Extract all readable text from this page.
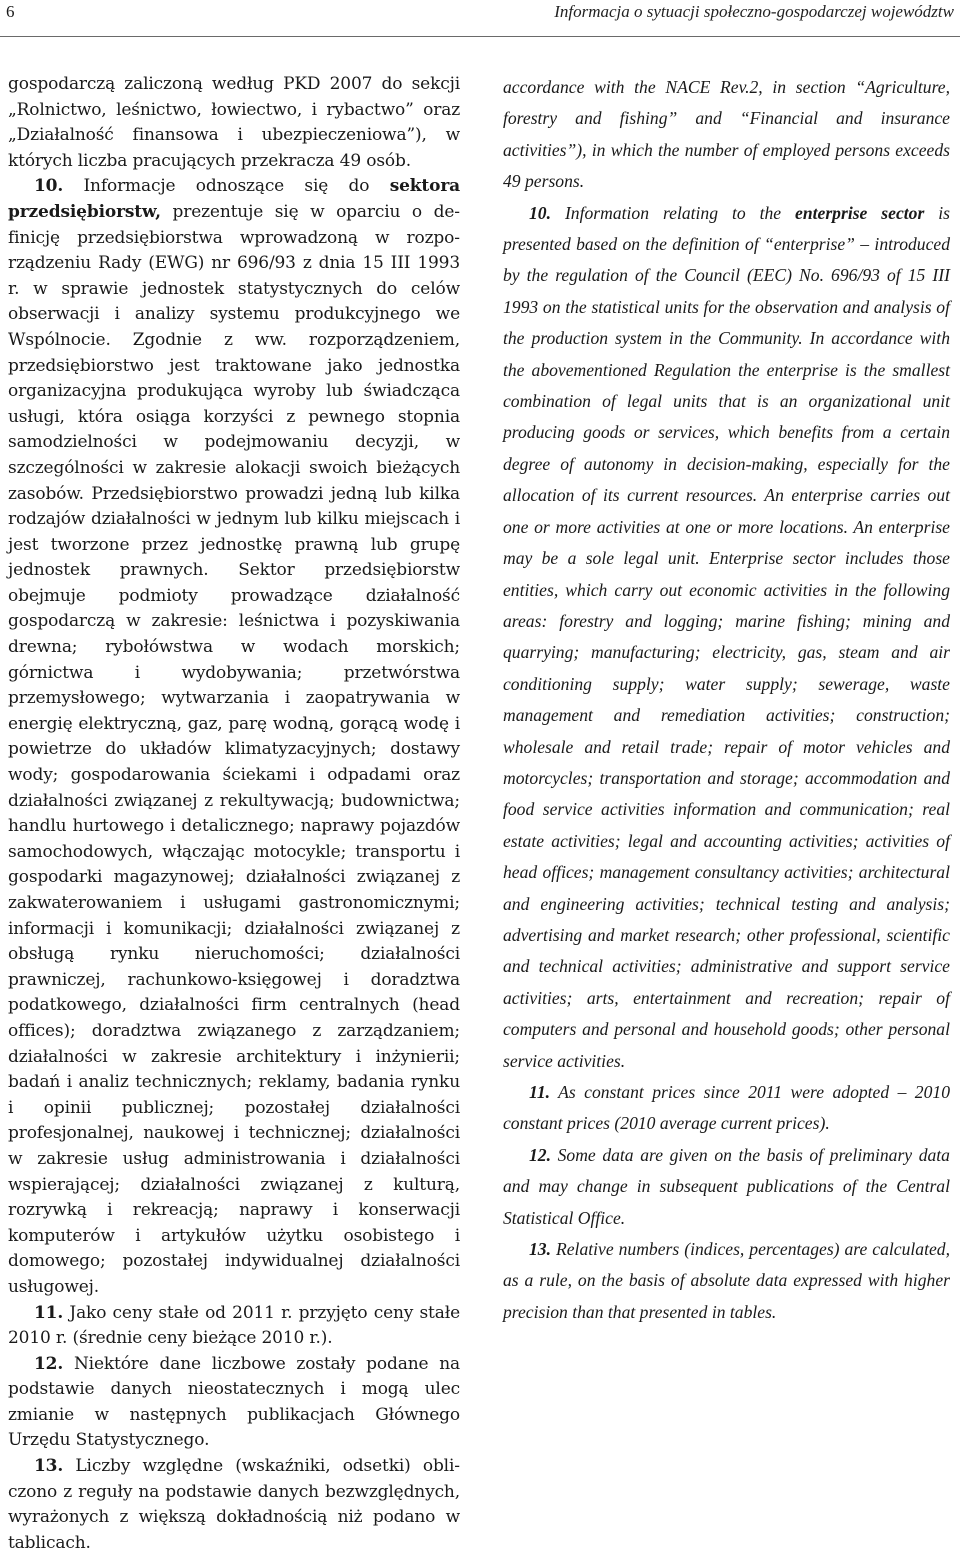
6	Informacja o sytuacji społeczno-gospodarczej województw

gospodarczą zaliczoną według PKD 2007 do sekcji „Rolnictwo, leśnictwo, łowiectwo, i rybactwo” oraz „Działalność finansowa i ubezpieczeniowa”), w których liczba pracujących przekracza 49 osób.

10. Informacje odnoszące się do sektora przedsiębiorstw, prezentuje się w oparciu o definicję przedsiębiorstwa wprowadzoną w rozporządzeniu Rady (EWG) nr 696/93 z dnia 15 III 1993 r. w sprawie jednostek statystycznych do celów obserwacji i analizy systemu produkcyjnego we Wspólnocie. Zgodnie z ww. rozporządzeniem, przedsiębiorstwo jest traktowane jako jednostka organizacyjna produkująca wyroby lub świadcząca usługi, która osiąga korzyści z pewnego stopnia samodzielności w podejmowaniu decyzji, w szczególności w zakresie alokacji swoich bieżących zasobów. Przedsiębiorstwo prowadzi jedną lub kilka rodzajów działalności w jednym lub kilku miejscach i jest tworzone przez jednostkę prawną lub grupę jednostek prawnych. Sektor przedsiębiorstw obejmuje podmioty prowadzące działalność gospodarczą w zakresie: leśnictwa i pozyskiwania drewna; rybołówstwa w wodach morskich; górnictwa i wydobywania; przetwórstwa przemysłowego; wytwarzania i zaopatrywania w energię elektryczną, gaz, parę wodną, gorącą wodę i powietrze do układów klimatyzacyjnych; dostawy wody; gospodarowania ściekami i odpadami oraz działalności związanej z rekultywacją; budownictwa; handlu hurtowego i detalicznego; naprawy pojazdów samochodowych, włączając motocykle; transportu i gospodarki magazynowej; działalności związanej z zakwaterowaniem i usługami gastronomicznymi; informacji i komunikacji; działalności związanej z obsługą rynku nieruchomości; działalności prawniczej, rachunkowo-księgowej i doradztwa podatkowego, działalności firm centralnych (head offices); doradztwa związanego z zarządzaniem; działalności w zakresie architektury i inżynierii; badań i analiz technicznych; reklamy, badania rynku i opinii publicznej; pozostałej działalności profesjonalnej, naukowej i technicznej; działalności w zakresie usług administrowania i działalności wspierającej; działalności związanej z kulturą, rozrywką i rekreacją; naprawy i konserwacji komputerów i artykułów użytku osobistego i domowego; pozostałej indywidualnej działalności usługowej.

11. Jako ceny stałe od 2011 r. przyjęto ceny stałe 2010 r. (średnie ceny bieżące 2010 r.).

12. Niektóre dane liczbowe zostały podane na podstawie danych nieostatecznych i mogą ulec zmianie w następnych publikacjach Głównego Urzędu Statystycznego.

13. Liczby względne (wskaźniki, odsetki) obliczono z reguły na podstawie danych bezwzględnych, wyrażonych z większą dokładnością niż podano w tablicach.

accordance with the NACE Rev.2, in section “Agriculture, forestry and fishing” and “Financial and insurance activities”), in which the number of employed persons exceeds 49 persons.

10. Information relating to the enterprise sector is presented based on the definition of “enterprise” – introduced by the regulation of the Council (EEC) No. 696/93 of 15 III 1993 on the statistical units for the observation and analysis of the production system in the Community. In accordance with the abovementioned Regulation the enterprise is the smallest combination of legal units that is an organizational unit producing goods or services, which benefits from a certain degree of autonomy in decision-making, especially for the allocation of its current resources. An enterprise carries out one or more activities at one or more locations. An enterprise may be a sole legal unit. Enterprise sector includes those entities, which carry out economic activities in the following areas: forestry and logging; marine fishing; mining and quarrying; manufacturing; electricity, gas, steam and air conditioning supply; water supply; sewerage, waste management and remediation activities; construction; wholesale and retail trade; repair of motor vehicles and motorcycles; transportation and storage; accommodation and food service activities information and communication; real estate activities; legal and accounting activities; activities of head offices; management consultancy activities; architectural and engineering activities; technical testing and analysis; advertising and market research; other professional, scientific and technical activities; administrative and support service activities; arts, entertainment and recreation; repair of computers and personal and household goods; other personal service activities.

11. As constant prices since 2011 were adopted – 2010 constant prices (2010 average current prices).

12. Some data are given on the basis of preliminary data and may change in subsequent publications of the Central Statistical Office.

13. Relative numbers (indices, percentages) are calculated, as a rule, on the basis of absolute data expressed with higher precision than that presented in tables.
